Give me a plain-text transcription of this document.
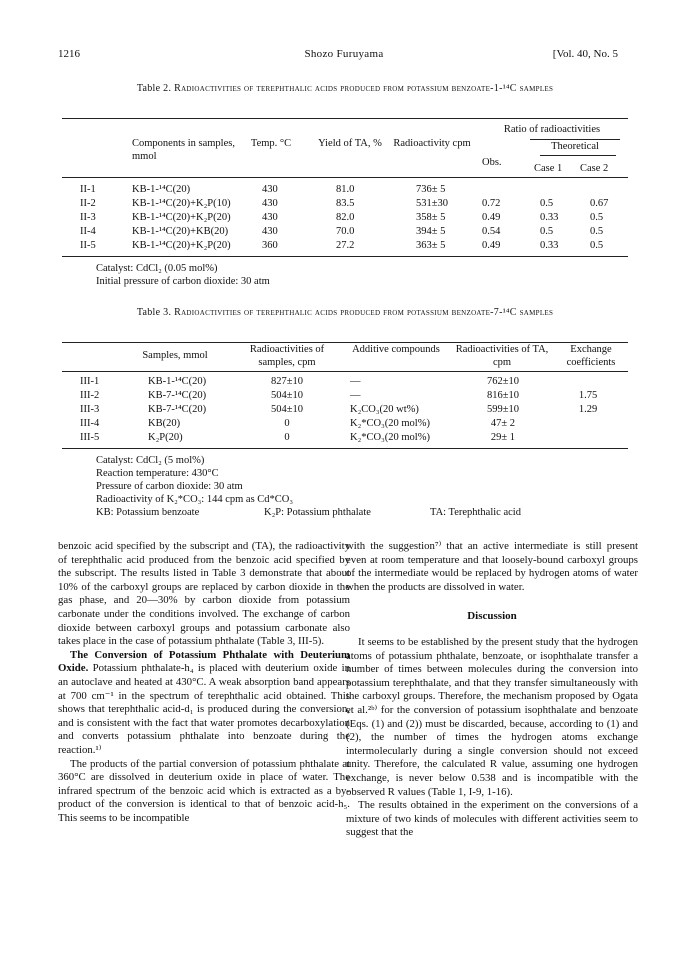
1216	Shozo Furuyama	[Vol. 40, No. 5
Table 2. Radioactivities of terephthalic acids produced from potassium benzoate-1-¹⁴C samples
Ratio of radioactivities
Theoretical
Components in samples, mmol
Temp. °C	Yield of TA, % Radioactivity cpm
Obs.
Case 1 Case 2
II-1	KB-1-¹⁴C(20)	430	81.0	736± 5
II-2	KB-1-¹⁴C(20)+K₂P(10)	430	83.5	531±30	0.72	0.5	0.67
II-3	KB-1-¹⁴C(20)+K₂P(20)	430	82.0	358± 5	0.49	0.33	0.5
II-4	KB-1-¹⁴C(20)+KB(20)	430	70.0	394± 5	0.54	0.5	0.5
II-5	KB-1-¹⁴C(20)+K₂P(20)	360	27.2	363± 5	0.49	0.33	0.5
Catalyst: CdCl₂ (0.05 mol%)
Initial pressure of carbon dioxide: 30 atm
Table 3. Radioactivities of terephthalic acids produced from potassium benzoate-7-¹⁴C samples
Samples, mmol
Radioactivities of samples, cpm
Additive compounds	Radioactivities of TA, cpm
Exchange coefficients
III-1	KB-1-¹⁴C(20)	827±10	—	762±10
III-2	KB-7-¹⁴C(20)	504±10	—	816±10	1.75
III-3	KB-7-¹⁴C(20)	504±10	K₂CO₃(20 wt%)	599±10	1.29
III-4	KB(20)	0	K₂*CO₃(20 mol%)	47± 2
III-5	K₂P(20)	0	K₂*CO₃(20 mol%)	29± 1
Catalyst: CdCl₂ (5 mol%)
Reaction temperature: 430°C
Pressure of carbon dioxide: 30 atm
Radioactivity of K₂*CO₃: 144 cpm as Cd*CO₃
KB: Potassium benzoate	K₂P: Potassium phthalate	TA: Terephthalic acid

benzoic acid specified by the subscript and (TA), the radioactivity of terephthalic acid produced from the benzoic acid specified by the subscript. The results listed in Table 3 demonstrate that about 10% of the carboxyl groups are replaced by carbon dioxide in the gas phase, and 20—30% by carbon dioxide from potassium carbonate under the conditions involved. The exchange of carbon dioxide between carboxyl groups and potassium carbonate also takes place in the case of potassium phthalate (Table 3, III-5).

The Conversion of Potassium Phthalate with Deuterium Oxide. Potassium phthalate-h₄ is placed with deuterium oxide in an autoclave and heated at 430°C. A weak absorption band appears at 700 cm⁻¹ in the spectrum of terephthalic acid obtained. This shows that terephthalic acid-d₁ is produced during the conversion, and is consistent with the fact that water promotes decarboxylation and converts potassium phthalate into benzoate during the reaction.¹⁾

The products of the partial conversion of potassium phthalate at 360°C are dissolved in deuterium oxide in place of water. The infrared spectrum of the benzoic acid which is extracted as a by-product of the conversion is identical to that of benzoic acid-h₅. This seems to be incompatible

with the suggestion⁷⁾ that an active intermediate is still present even at room temperature and that loosely-bound carboxyl groups of the intermediate would be replaced by hydrogen atoms of water when the products are dissolved in water.

Discussion

It seems to be established by the present study that the hydrogen atoms of potassium phthalate, benzoate, or isophthalate transfer a number of times between molecules during the conversion into potassium terephthalate, and that they transfer simultaneously with the carboxyl groups. Therefore, the mechanism proposed by Ogata et al.²ᵇ⁾ for the conversion of potassium isophthalate and benzoate (Eqs. (1) and (2)) must be discarded, because, according to (1) and (2), the number of times the hydrogen atoms exchange intermolecularly during a single conversion should not exceed unity. Therefore, the calculated R value, assuming one hydrogen exchange, is never below 0.538 and is incompatible with the observed R values (Table 1, I-9, 1-16).

The results obtained in the experiment on the conversions of a mixture of two kinds of molecules with different activities seem to suggest that the
